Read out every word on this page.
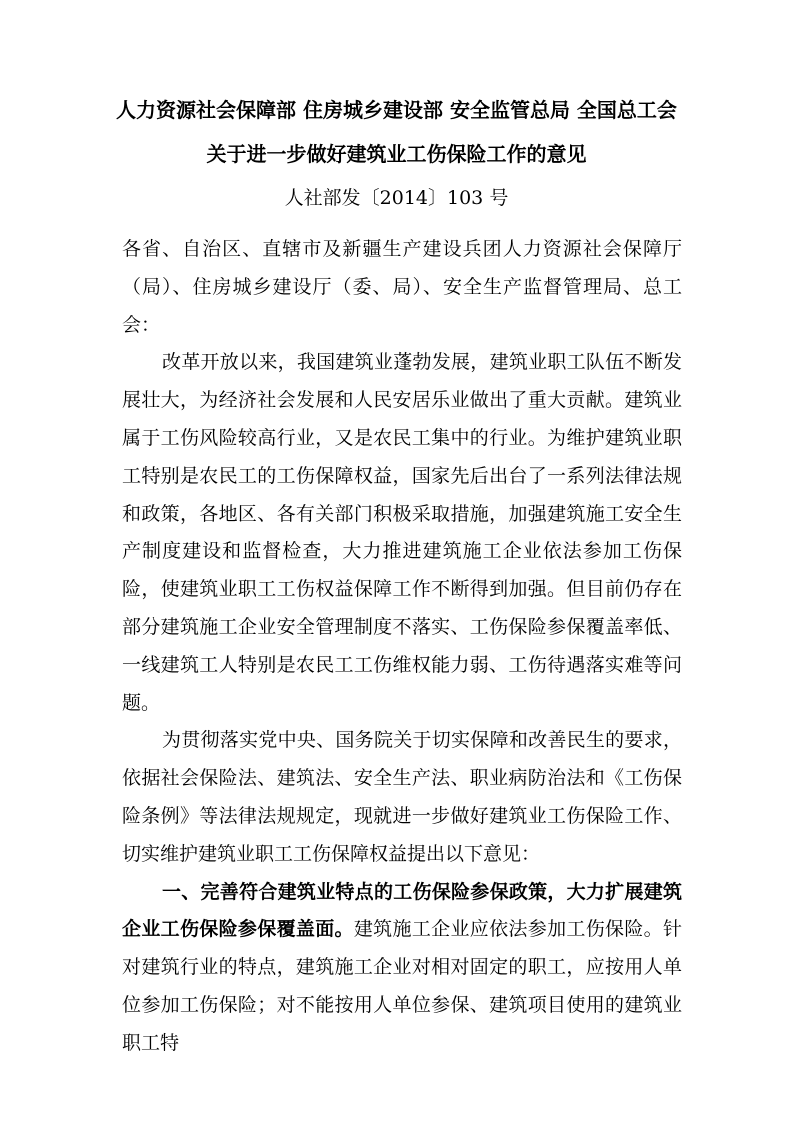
人力资源社会保障部 住房城乡建设部 安全监管总局 全国总工会
关于进一步做好建筑业工伤保险工作的意见
人社部发〔2014〕103 号

各省、自治区、直辖市及新疆生产建设兵团人力资源社会保障厅（局）、住房城乡建设厅（委、局）、安全生产监督管理局、总工会：

改革开放以来，我国建筑业蓬勃发展，建筑业职工队伍不断发展壮大，为经济社会发展和人民安居乐业做出了重大贡献。建筑业属于工伤风险较高行业，又是农民工集中的行业。为维护建筑业职工特别是农民工的工伤保障权益，国家先后出台了一系列法律法规和政策，各地区、各有关部门积极采取措施，加强建筑施工安全生产制度建设和监督检查，大力推进建筑施工企业依法参加工伤保险，使建筑业职工工伤权益保障工作不断得到加强。但目前仍存在部分建筑施工企业安全管理制度不落实、工伤保险参保覆盖率低、一线建筑工人特别是农民工工伤维权能力弱、工伤待遇落实难等问题。

为贯彻落实党中央、国务院关于切实保障和改善民生的要求，依据社会保险法、建筑法、安全生产法、职业病防治法和《工伤保险条例》等法律法规规定，现就进一步做好建筑业工伤保险工作、切实维护建筑业职工工伤保障权益提出以下意见：

一、完善符合建筑业特点的工伤保险参保政策，大力扩展建筑企业工伤保险参保覆盖面。建筑施工企业应依法参加工伤保险。针对建筑行业的特点，建筑施工企业对相对固定的职工，应按用人单位参加工伤保险；对不能按用人单位参保、建筑项目使用的建筑业职工特
